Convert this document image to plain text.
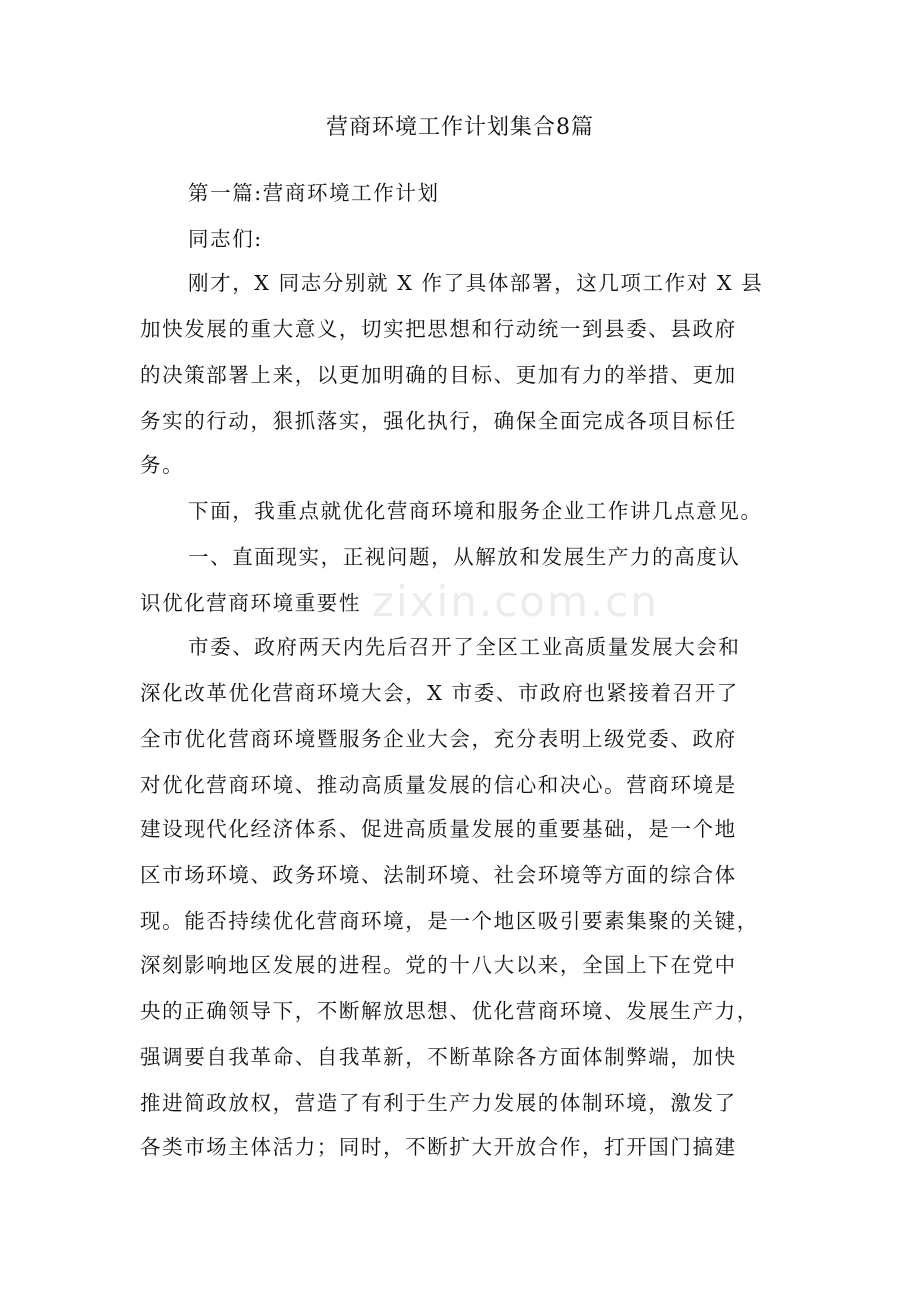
zixin.com.cn
营商环境工作计划集合8篇
第一篇:营商环境工作计划
同志们:
刚才，X 同志分别就 X 作了具体部署，这几项工作对 X 县
加快发展的重大意义，切实把思想和行动统一到县委、县政府
的决策部署上来，以更加明确的目标、更加有力的举措、更加
务实的行动，狠抓落实，强化执行，确保全面完成各项目标任
务。
下面，我重点就优化营商环境和服务企业工作讲几点意见。
一、直面现实，正视问题，从解放和发展生产力的高度认
识优化营商环境重要性
市委、政府两天内先后召开了全区工业高质量发展大会和
深化改革优化营商环境大会，X 市委、市政府也紧接着召开了
全市优化营商环境暨服务企业大会，充分表明上级党委、政府
对优化营商环境、推动高质量发展的信心和决心。营商环境是
建设现代化经济体系、促进高质量发展的重要基础，是一个地
区市场环境、政务环境、法制环境、社会环境等方面的综合体
现。能否持续优化营商环境，是一个地区吸引要素集聚的关键，
深刻影响地区发展的进程。党的十八大以来，全国上下在党中
央的正确领导下，不断解放思想、优化营商环境、发展生产力，
强调要自我革命、自我革新，不断革除各方面体制弊端，加快
推进简政放权，营造了有利于生产力发展的体制环境，激发了
各类市场主体活力；同时，不断扩大开放合作，打开国门搞建
